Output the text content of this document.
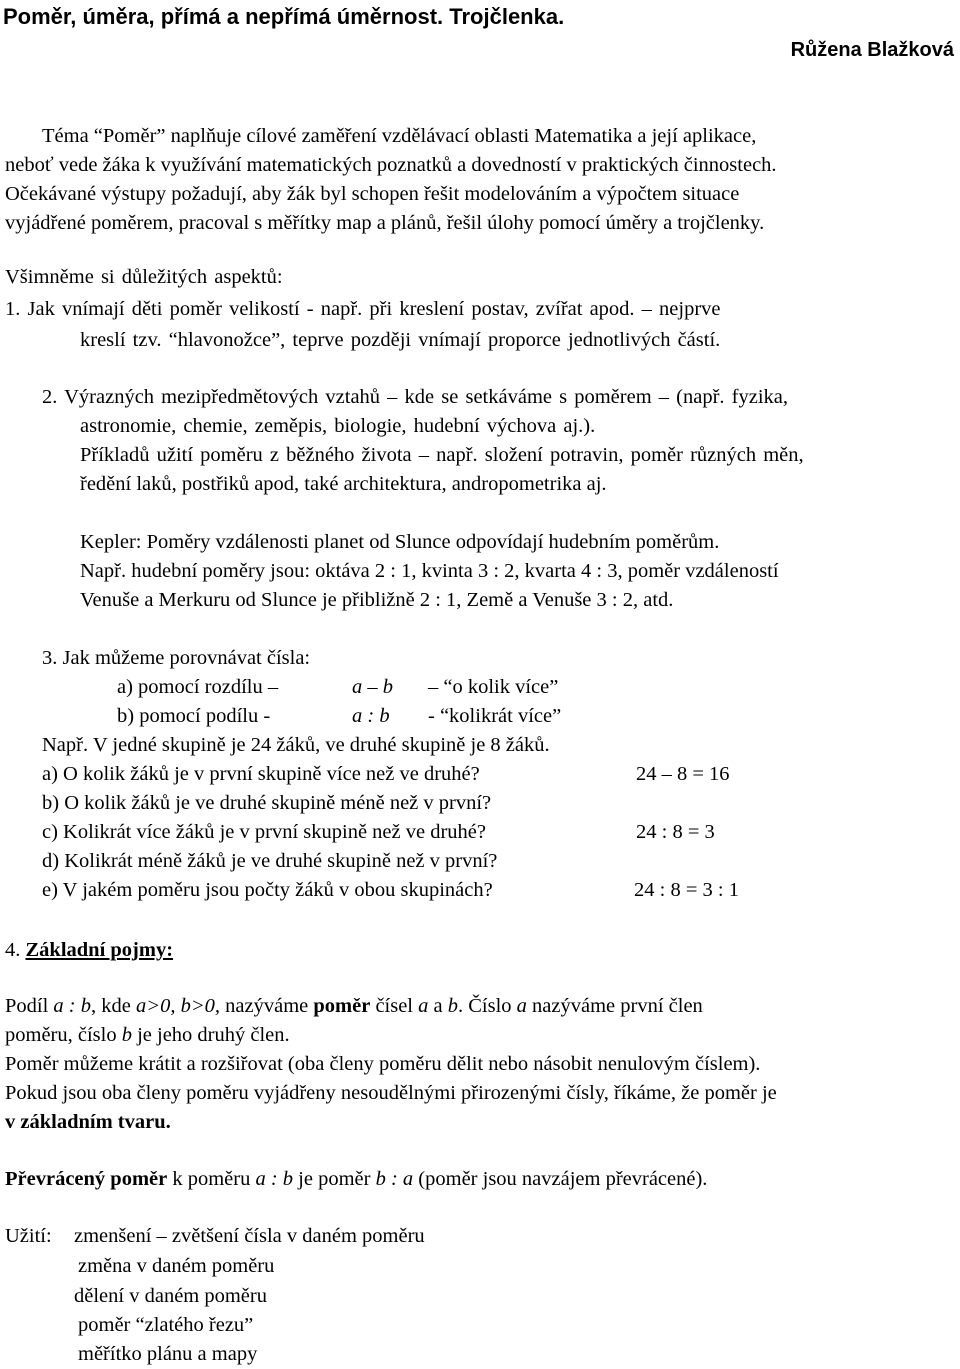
Poměr, úměra, přímá a nepřímá úměrnost. Trojčlenka.
Růžena Blažková
Téma “Poměr” naplňuje cílové zaměření vzdělávací oblasti Matematika a její aplikace,
neboť vede žáka k využívání matematických poznatků a dovedností v praktických činnostech.
Očekávané výstupy požadují, aby žák byl schopen řešit modelováním a výpočtem situace
vyjádřené poměrem, pracoval s měřítky map a plánů, řešil úlohy pomocí úměry a trojčlenky.
Všimněme si důležitých aspektů:
1. Jak vnímají děti poměr velikostí - např. při kreslení postav, zvířat apod. – nejprve
kreslí tzv. “hlavonožce”, teprve později vnímají proporce jednotlivých částí.
2. Výrazných mezipředmětových vztahů – kde se setkáváme s poměrem – (např. fyzika,
astronomie, chemie, zeměpis, biologie, hudební výchova aj.).
Příkladů užití poměru z běžného života – např. složení potravin, poměr různých měn,
ředění laků, postřiků apod, také architektura, andropometrika aj.
Kepler: Poměry vzdálenosti planet od Slunce odpovídají hudebním poměrům.
Např. hudební poměry jsou: oktáva 2 : 1, kvinta 3 : 2, kvarta 4 : 3, poměr vzdáleností
Venuše a Merkuru od Slunce je přibližně 2 : 1, Země a Venuše 3 : 2, atd.
3. Jak můžeme porovnávat čísla:
a) pomocí rozdílu –	a – b – “o kolik více”
b) pomocí podílu -	a : b - “kolikrát více”
Např. V jedné skupině je 24 žáků, ve druhé skupině je 8 žáků.
a) O kolik žáků je v první skupině více než ve druhé?	24 – 8 = 16
b) O kolik žáků je ve druhé skupině méně než v první?
c) Kolikrát více žáků je v první skupině než ve druhé?	24 : 8 = 3
d) Kolikrát méně žáků je ve druhé skupině než v první?
e) V jakém poměru jsou počty žáků v obou skupinách?	24 : 8 = 3 : 1
4. Základní pojmy:
Podíl a : b, kde a>0, b>0, nazýváme poměr čísel a a b. Číslo a nazýváme první člen
poměru, číslo b je jeho druhý člen.
Poměr můžeme krátit a rozšiřovat (oba členy poměru dělit nebo násobit nenulovým číslem).
Pokud jsou oba členy poměru vyjádřeny nesoudělnými přirozenými čísly, říkáme, že poměr je
v základním tvaru.
Převrácený poměr k poměru a : b je poměr b : a (poměr jsou navzájem převrácené).
Užití: zmenšení – zvětšení čísla v daném poměru
změna v daném poměru
dělení v daném poměru
poměr “zlatého řezu”
měřítko plánu a mapy
